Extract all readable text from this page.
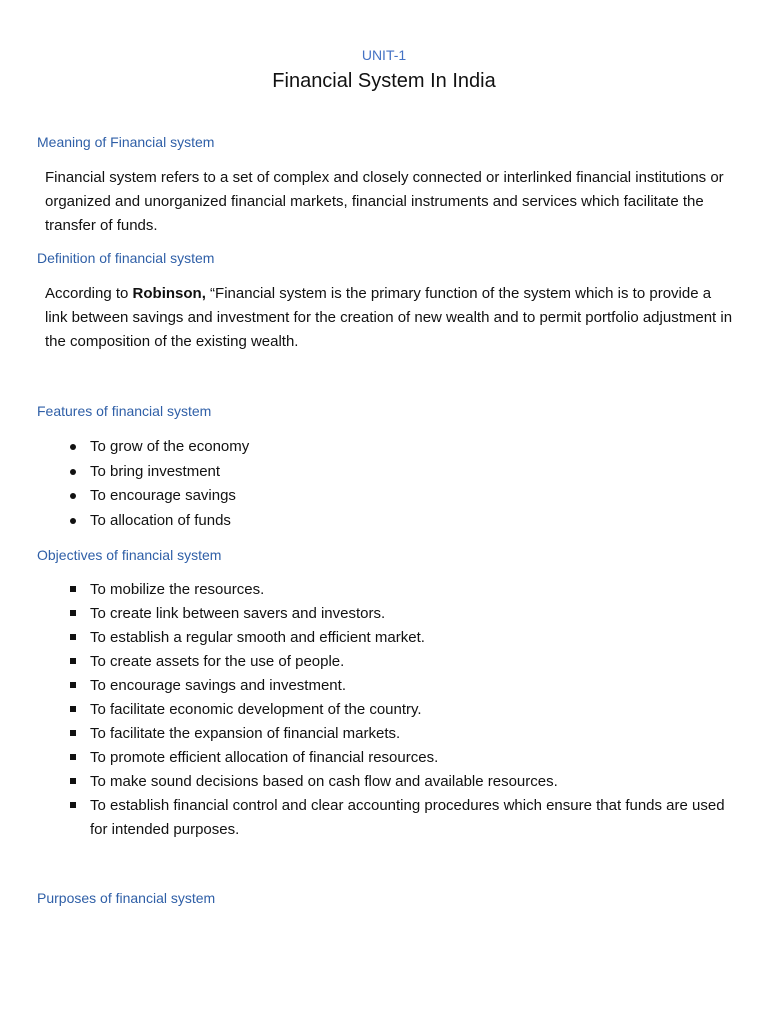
UNIT-1
Financial System In India
Meaning of Financial system
Financial system refers to a set of complex and closely connected or interlinked financial institutions or organized and unorganized financial markets, financial instruments and services which facilitate the transfer of funds.
Definition of financial system
According to Robinson, “Financial system is the primary function of the system which is to provide a link between savings and investment for the creation of new wealth and to permit portfolio adjustment in the composition of the existing wealth.
Features of financial system
To grow of the economy
To bring investment
To encourage savings
To allocation of funds
Objectives of financial system
To mobilize the resources.
To create link between savers and investors.
To establish a regular smooth and efficient market.
To create assets for the use of people.
To encourage savings and investment.
To facilitate economic development of the country.
To facilitate the expansion of financial markets.
To promote efficient allocation of financial resources.
To make sound decisions based on cash flow and available resources.
To establish financial control and clear accounting procedures which ensure that funds are used for intended purposes.
Purposes of financial system
